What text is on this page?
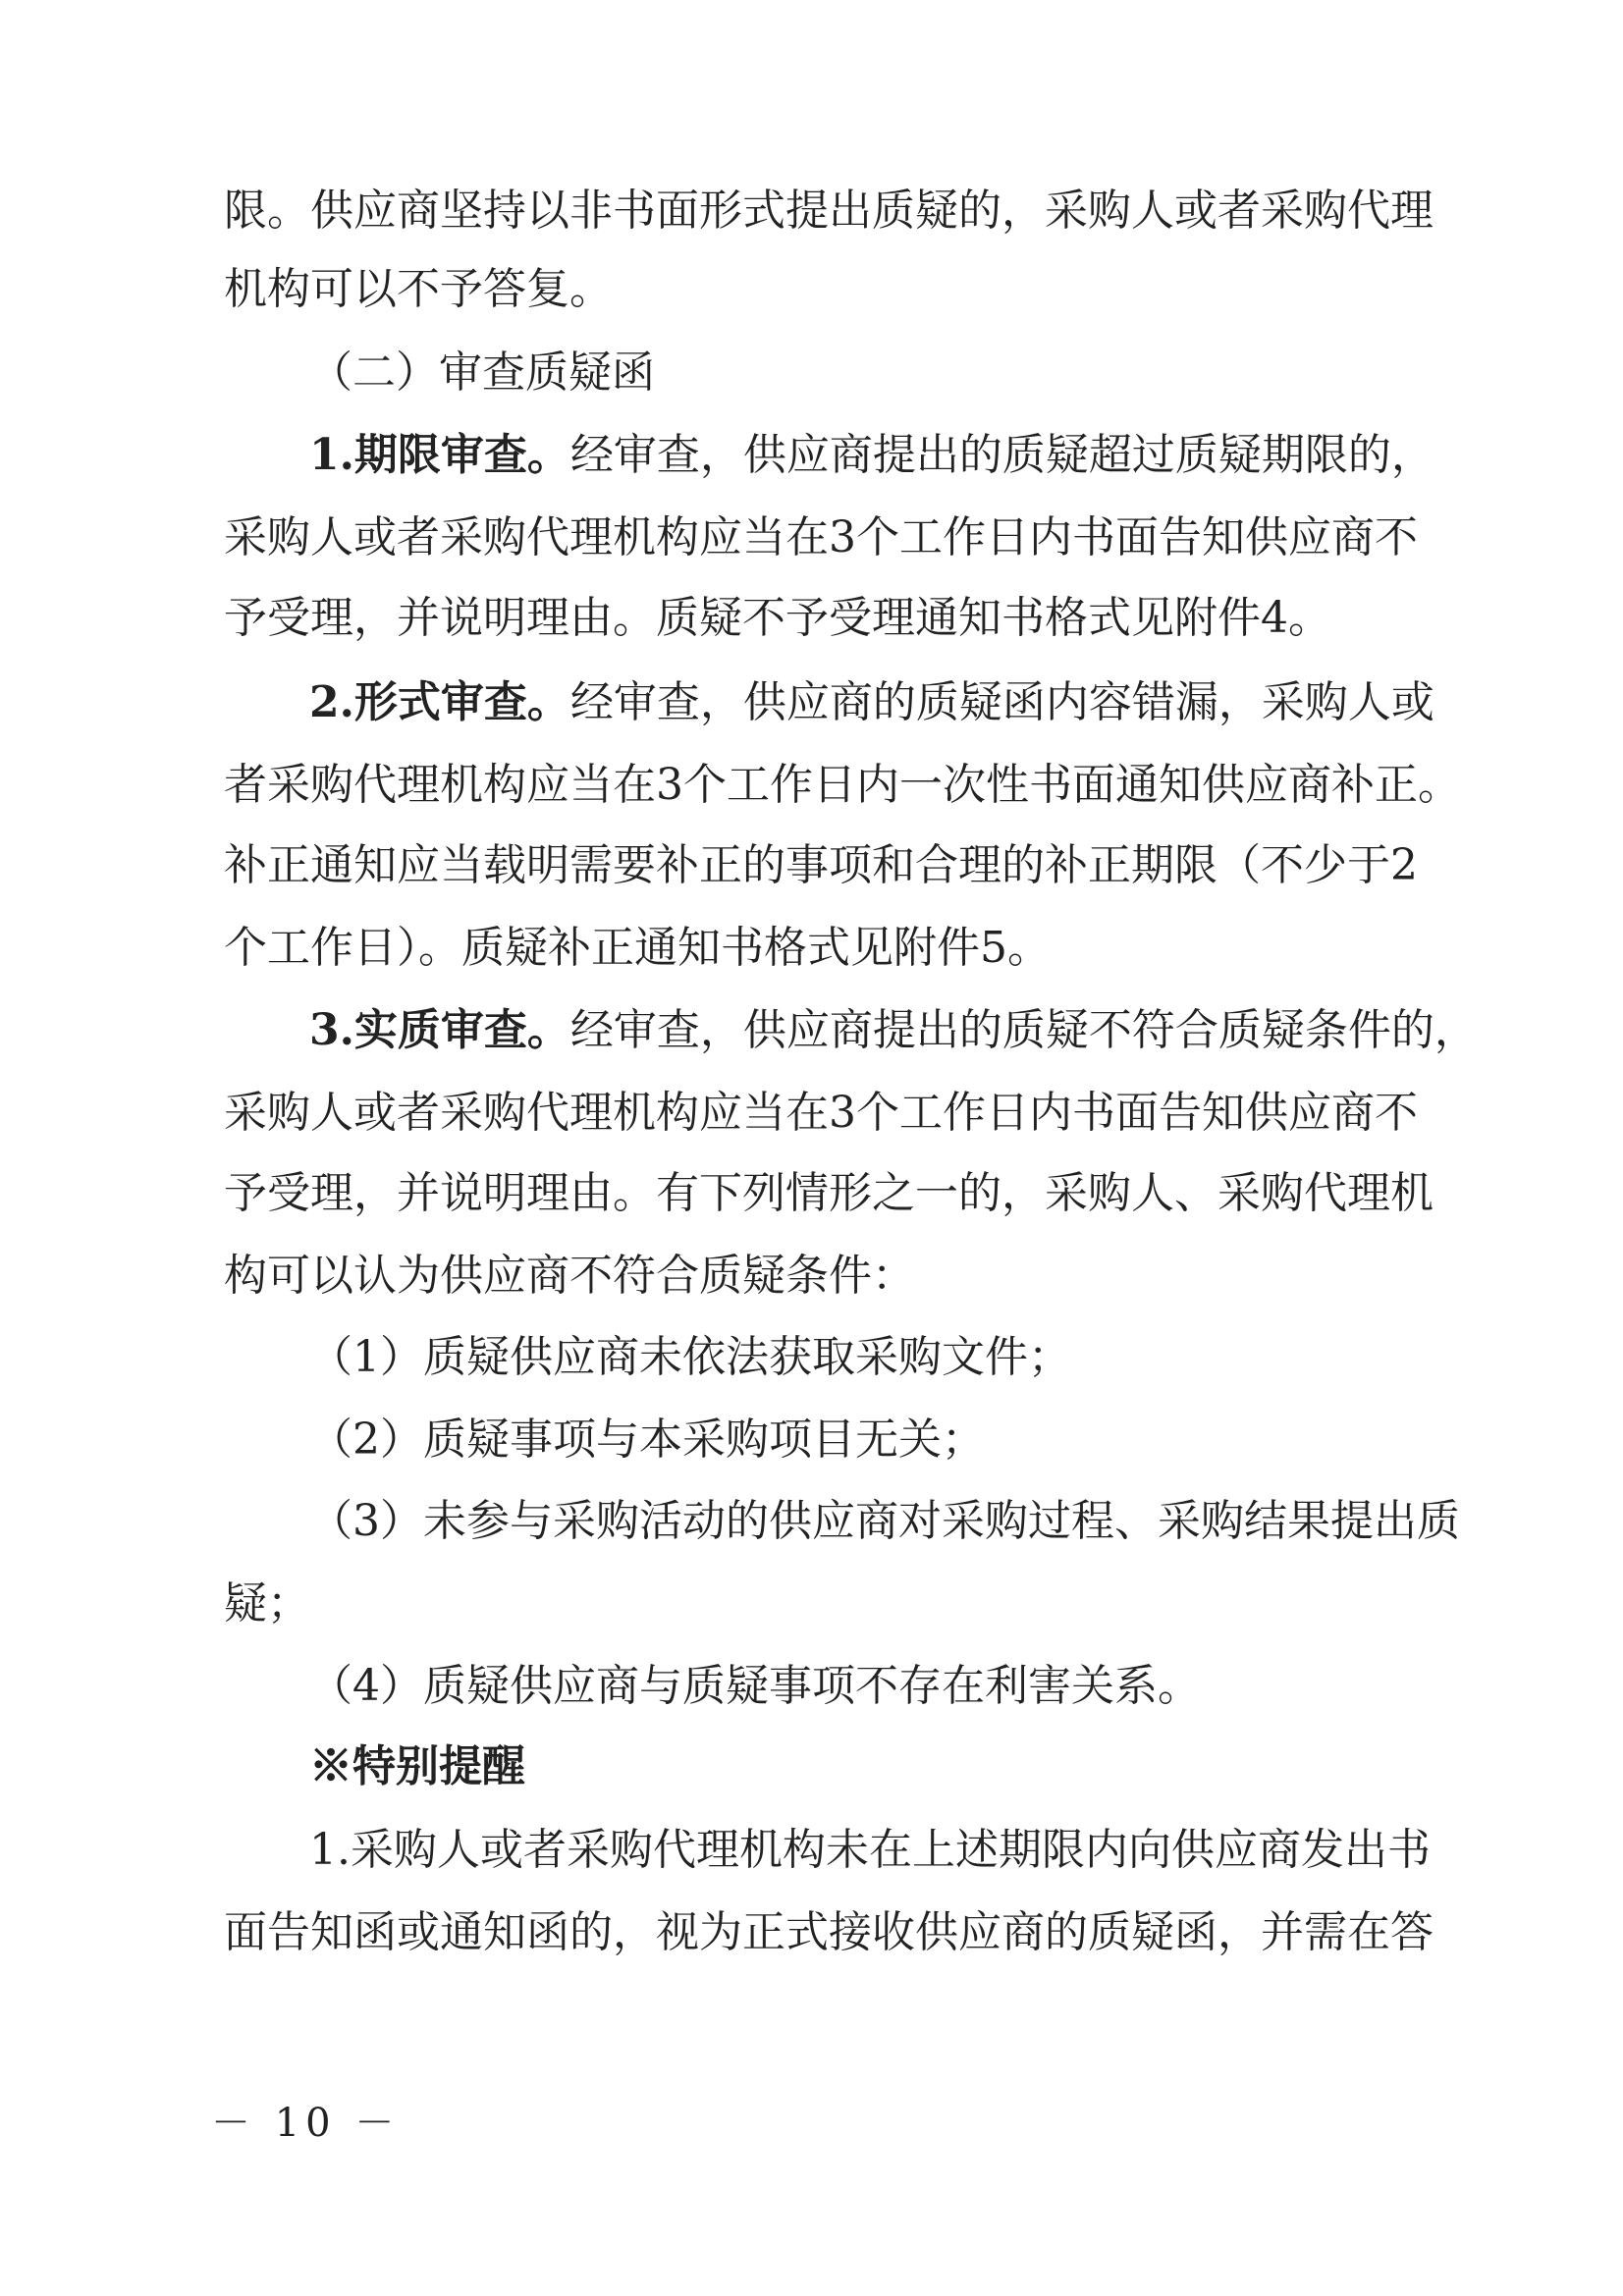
限。供应商坚持以非书面形式提出质疑的，采购人或者采购代理
机构可以不予答复。
（二）审查质疑函
1.期限审查。经审查，供应商提出的质疑超过质疑期限的，
采购人或者采购代理机构应当在3个工作日内书面告知供应商不
予受理，并说明理由。质疑不予受理通知书格式见附件4。
2.形式审查。经审查，供应商的质疑函内容错漏，采购人或
者采购代理机构应当在3个工作日内一次性书面通知供应商补正。
补正通知应当载明需要补正的事项和合理的补正期限（不少于2
个工作日）。质疑补正通知书格式见附件5。
3.实质审查。经审查，供应商提出的质疑不符合质疑条件的，
采购人或者采购代理机构应当在3个工作日内书面告知供应商不
予受理，并说明理由。有下列情形之一的，采购人、采购代理机
构可以认为供应商不符合质疑条件：
（1）质疑供应商未依法获取采购文件；
（2）质疑事项与本采购项目无关；
（3）未参与采购活动的供应商对采购过程、采购结果提出质
疑；
（4）质疑供应商与质疑事项不存在利害关系。
※特别提醒
1.采购人或者采购代理机构未在上述期限内向供应商发出书
面告知函或通知函的，视为正式接收供应商的质疑函，并需在答
－ 10 －
